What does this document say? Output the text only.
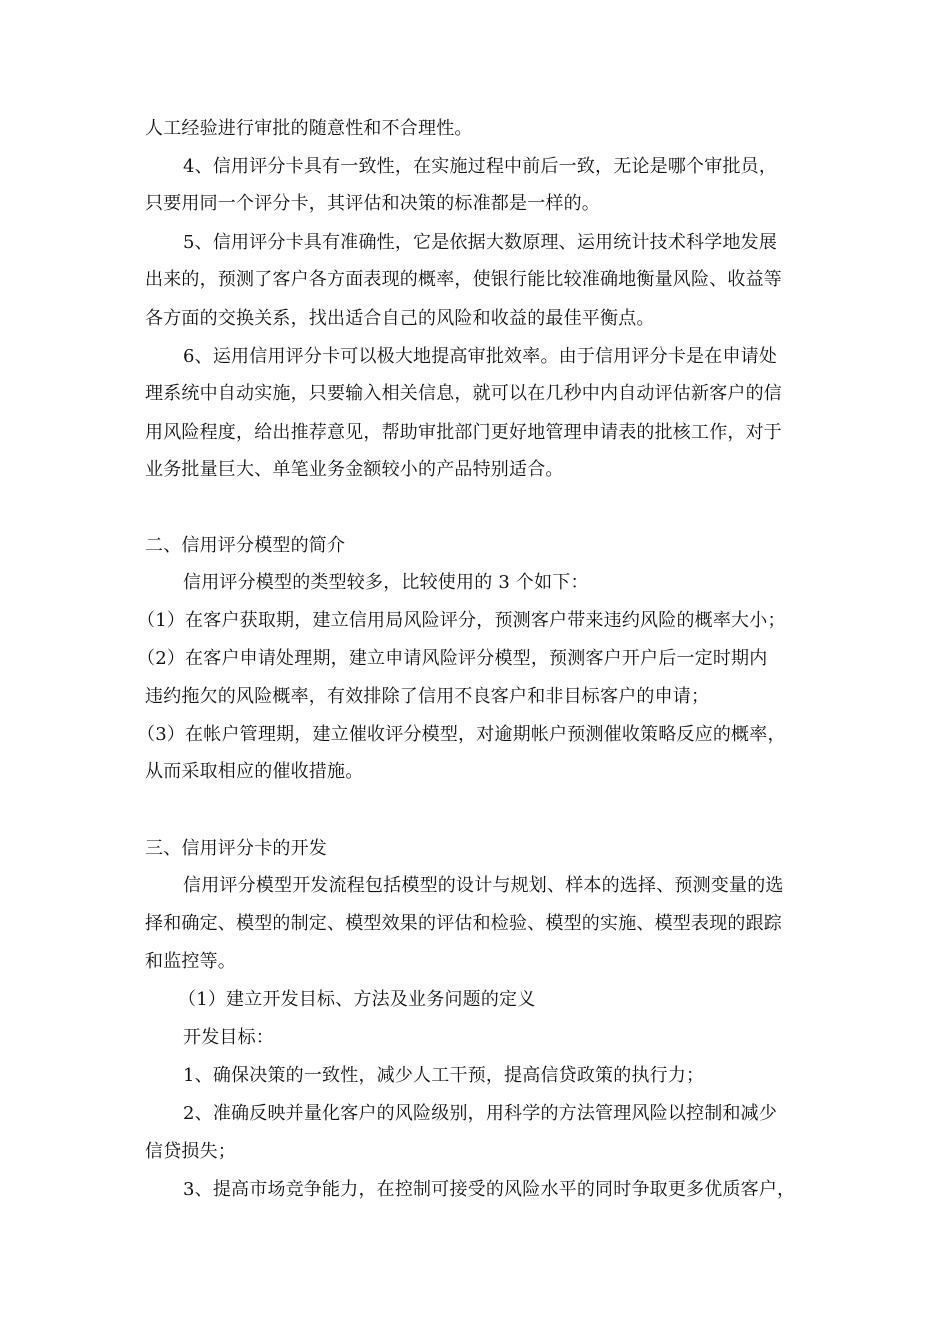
人工经验进行审批的随意性和不合理性。
4、信用评分卡具有一致性，在实施过程中前后一致，无论是哪个审批员，
只要用同一个评分卡，其评估和决策的标准都是一样的。
5、信用评分卡具有准确性，它是依据大数原理、运用统计技术科学地发展
出来的，预测了客户各方面表现的概率，使银行能比较准确地衡量风险、收益等
各方面的交换关系，找出适合自己的风险和收益的最佳平衡点。
6、运用信用评分卡可以极大地提高审批效率。由于信用评分卡是在申请处
理系统中自动实施，只要输入相关信息，就可以在几秒中内自动评估新客户的信
用风险程度，给出推荐意见，帮助审批部门更好地管理申请表的批核工作，对于
业务批量巨大、单笔业务金额较小的产品特别适合。
二、信用评分模型的简介
信用评分模型的类型较多，比较使用的 3 个如下：
（1）在客户获取期，建立信用局风险评分，预测客户带来违约风险的概率大小；
（2）在客户申请处理期，建立申请风险评分模型，预测客户开户后一定时期内
违约拖欠的风险概率，有效排除了信用不良客户和非目标客户的申请；
（3）在帐户管理期，建立催收评分模型，对逾期帐户预测催收策略反应的概率，
从而采取相应的催收措施。
三、信用评分卡的开发
信用评分模型开发流程包括模型的设计与规划、样本的选择、预测变量的选
择和确定、模型的制定、模型效果的评估和检验、模型的实施、模型表现的跟踪
和监控等。
（1）建立开发目标、方法及业务问题的定义
开发目标：
1、确保决策的一致性，减少人工干预，提高信贷政策的执行力；
2、准确反映并量化客户的风险级别，用科学的方法管理风险以控制和减少
信贷损失；
3、提高市场竞争能力，在控制可接受的风险水平的同时争取更多优质客户，
